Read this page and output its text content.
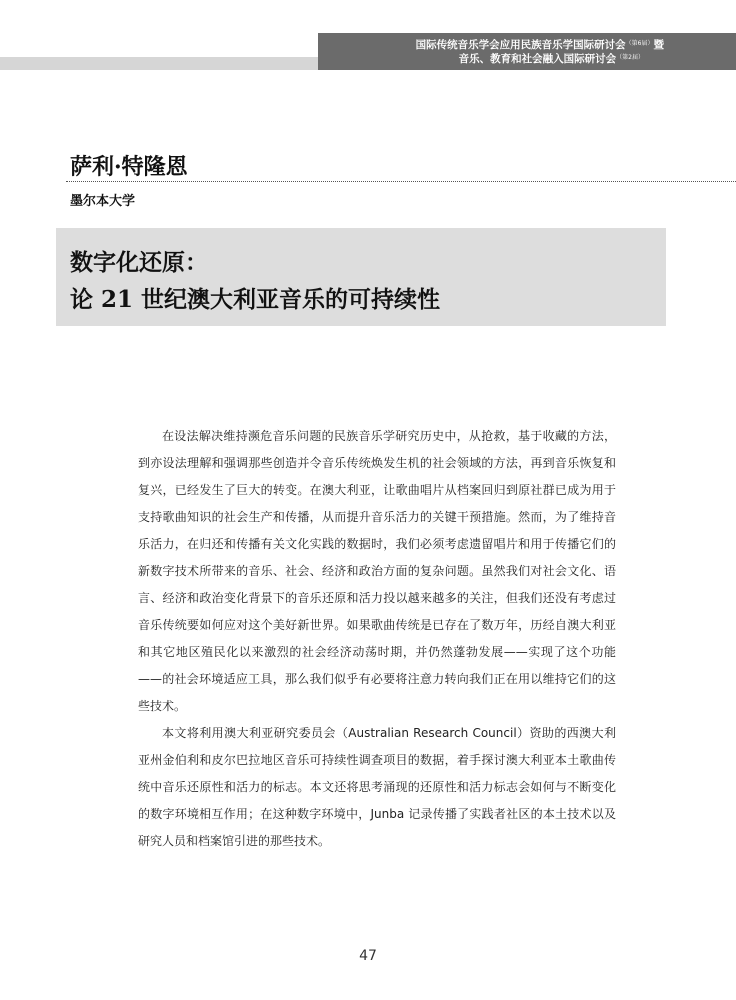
国际传统音乐学会应用民族音乐学国际研讨会$^{(第6届)}$暨
音乐、教育和社会融入国际研讨会$^{(第2届)}$
萨利·特隆恩
墨尔本大学
数字化还原：
论 21 世纪澳大利亚音乐的可持续性

在设法解决维持濒危音乐问题的民族音乐学研究历史中，从抢救，基于收藏的方法，到亦设法理解和强调那些创造并令音乐传统焕发生机的社会领域的方法，再到音乐恢复和复兴，已经发生了巨大的转变。在澳大利亚，让歌曲唱片从档案回归到原社群已成为用于支持歌曲知识的社会生产和传播，从而提升音乐活力的关键干预措施。然而，为了维持音乐活力，在归还和传播有关文化实践的数据时，我们必须考虑遗留唱片和用于传播它们的新数字技术所带来的音乐、社会、经济和政治方面的复杂问题。虽然我们对社会文化、语言、经济和政治变化背景下的音乐还原和活力投以越来越多的关注，但我们还没有考虑过音乐传统要如何应对这个美好新世界。如果歌曲传统是已存在了数万年，历经自澳大利亚和其它地区殖民化以来激烈的社会经济动荡时期，并仍然蓬勃发展——实现了这个功能——的社会环境适应工具，那么我们似乎有必要将注意力转向我们正在用以维持它们的这些技术。

本文将利用澳大利亚研究委员会（Australian Research Council）资助的西澳大利亚州金伯利和皮尔巴拉地区音乐可持续性调查项目的数据，着手探讨澳大利亚本土歌曲传统中音乐还原性和活力的标志。本文还将思考涌现的还原性和活力标志会如何与不断变化的数字环境相互作用；在这种数字环境中，Junba 记录传播了实践者社区的本土技术以及研究人员和档案馆引进的那些技术。

47
